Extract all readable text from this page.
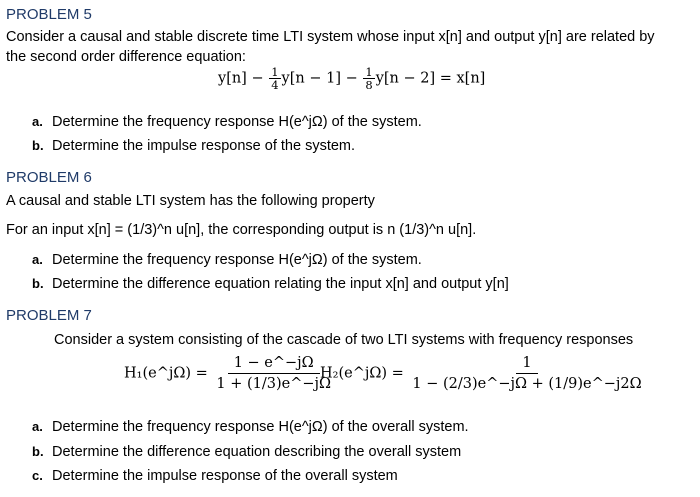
PROBLEM 5
Consider a causal and stable discrete time LTI system whose input x[n] and output y[n] are related by
the second order difference equation:
$y[n] - \frac{1}{4} y[n - 1] - \frac{1}{8} y[n - 2] = x[n]$
a. Determine the frequency response H(e^jΩ) of the system.
b. Determine the impulse response of the system.
PROBLEM 6
A causal and stable LTI system has the following property
For an input x[n] = (1/3)^n u[n], the corresponding output is n (1/3)^n u[n].
a. Determine the frequency response H(e^jΩ) of the system.
b. Determine the difference equation relating the input x[n] and output y[n]
PROBLEM 7
Consider a system consisting of the cascade of two LTI systems with frequency responses
H₁(e^jΩ) = $\frac{1 - e\^{}-j\Omega}{1 + (1/3)e\^{}-j\Omega}$
H₂(e^jΩ) = $\frac{1}{1 - (2/3)e\^{}-j\Omega + (1/9)e\^{}-j2\Omega}$
a. Determine the frequency response H(e^jΩ) of the overall system.
b. Determine the difference equation describing the overall system
c. Determine the impulse response of the overall system
